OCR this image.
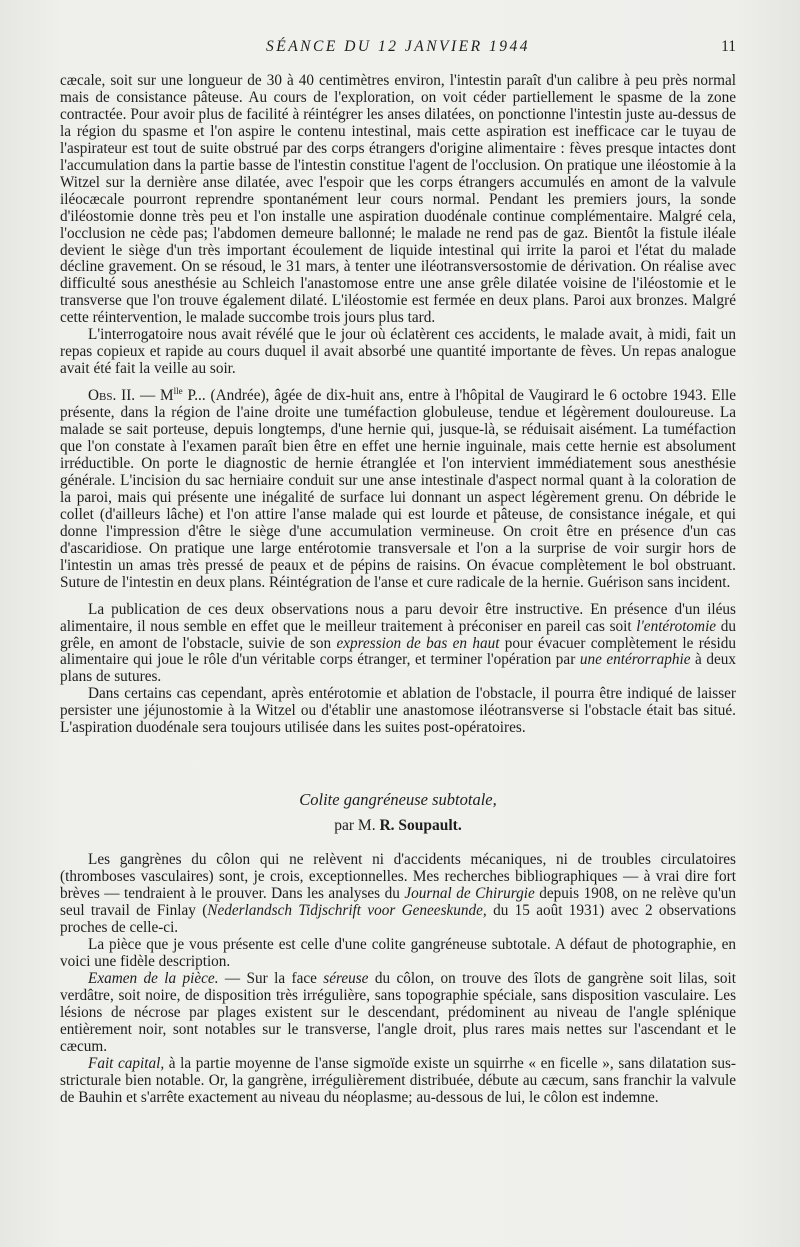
SÉANCE DU 12 JANVIER 1944	11

cæcale, soit sur une longueur de 30 à 40 centimètres environ, l'intestin paraît d'un calibre à peu près normal mais de consistance pâteuse. Au cours de l'exploration, on voit céder partiellement le spasme de la zone contractée. Pour avoir plus de facilité à réintégrer les anses dilatées, on ponctionne l'intestin juste au-dessus de la région du spasme et l'on aspire le contenu intestinal, mais cette aspiration est inefficace car le tuyau de l'aspirateur est tout de suite obstrué par des corps étrangers d'origine alimentaire : fèves presque intactes dont l'accumulation dans la partie basse de l'intestin constitue l'agent de l'occlusion. On pratique une iléostomie à la Witzel sur la dernière anse dilatée, avec l'espoir que les corps étrangers accumulés en amont de la valvule iléocæcale pourront reprendre spontanément leur cours normal. Pendant les premiers jours, la sonde d'iléostomie donne très peu et l'on installe une aspiration duodénale continue complémentaire. Malgré cela, l'occlusion ne cède pas; l'abdomen demeure ballonné; le malade ne rend pas de gaz. Bientôt la fistule iléale devient le siège d'un très important écoulement de liquide intestinal qui irrite la paroi et l'état du malade décline gravement. On se résoud, le 31 mars, à tenter une iléotransversostomie de dérivation. On réalise avec difficulté sous anesthésie au Schleich l'anastomose entre une anse grêle dilatée voisine de l'iléostomie et le transverse que l'on trouve également dilaté. L'iléostomie est fermée en deux plans. Paroi aux bronzes. Malgré cette réintervention, le malade succombe trois jours plus tard.

L'interrogatoire nous avait révélé que le jour où éclatèrent ces accidents, le malade avait, à midi, fait un repas copieux et rapide au cours duquel il avait absorbé une quantité importante de fèves. Un repas analogue avait été fait la veille au soir.

Obs. II. — $M^{lle}$ P... (Andrée), âgée de dix-huit ans, entre à l'hôpital de Vaugirard le 6 octobre 1943. Elle présente, dans la région de l'aine droite une tuméfaction globuleuse, tendue et légèrement douloureuse. La malade se sait porteuse, depuis longtemps, d'une hernie qui, jusque-là, se réduisait aisément. La tuméfaction que l'on constate à l'examen paraît bien être en effet une hernie inguinale, mais cette hernie est absolument irréductible. On porte le diagnostic de hernie étranglée et l'on intervient immédiatement sous anesthésie générale. L'incision du sac herniaire conduit sur une anse intestinale d'aspect normal quant à la coloration de la paroi, mais qui présente une inégalité de surface lui donnant un aspect légèrement grenu. On débride le collet (d'ailleurs lâche) et l'on attire l'anse malade qui est lourde et pâteuse, de consistance inégale, et qui donne l'impression d'être le siège d'une accumulation vermineuse. On croit être en présence d'un cas d'ascaridiose. On pratique une large entérotomie transversale et l'on a la surprise de voir surgir hors de l'intestin un amas très pressé de peaux et de pépins de raisins. On évacue complètement le bol obstruant. Suture de l'intestin en deux plans. Réintégration de l'anse et cure radicale de la hernie. Guérison sans incident.

La publication de ces deux observations nous a paru devoir être instructive. En présence d'un iléus alimentaire, il nous semble en effet que le meilleur traitement à préconiser en pareil cas soit l'entérotomie du grêle, en amont de l'obstacle, suivie de son expression de bas en haut pour évacuer complètement le résidu alimentaire qui joue le rôle d'un véritable corps étranger, et terminer l'opération par une entérorraphie à deux plans de sutures.

Dans certains cas cependant, après entérotomie et ablation de l'obstacle, il pourra être indiqué de laisser persister une jéjunostomie à la Witzel ou d'établir une anastomose iléotransverse si l'obstacle était bas situé. L'aspiration duodénale sera toujours utilisée dans les suites post-opératoires.

Colite gangréneuse subtotale,
par M. R. Soupault.

Les gangrènes du côlon qui ne relèvent ni d'accidents mécaniques, ni de troubles circulatoires (thromboses vasculaires) sont, je crois, exceptionnelles. Mes recherches bibliographiques — à vrai dire fort brèves — tendraient à le prouver. Dans les analyses du Journal de Chirurgie depuis 1908, on ne relève qu'un seul travail de Finlay (Nederlandsch Tidjschrift voor Geneeskunde, du 15 août 1931) avec 2 observations proches de celle-ci.

La pièce que je vous présente est celle d'une colite gangréneuse subtotale. A défaut de photographie, en voici une fidèle description.

Examen de la pièce. — Sur la face séreuse du côlon, on trouve des îlots de gangrène soit lilas, soit verdâtre, soit noire, de disposition très irrégulière, sans topographie spéciale, sans disposition vasculaire. Les lésions de nécrose par plages existent sur le descendant, prédominent au niveau de l'angle splénique entièrement noir, sont notables sur le transverse, l'angle droit, plus rares mais nettes sur l'ascendant et le cæcum.

Fait capital, à la partie moyenne de l'anse sigmoïde existe un squirrhe « en ficelle », sans dilatation sus-stricturale bien notable. Or, la gangrène, irrégulièrement distribuée, débute au cæcum, sans franchir la valvule de Bauhin et s'arrête exactement au niveau du néoplasme; au-dessous de lui, le côlon est indemne.
